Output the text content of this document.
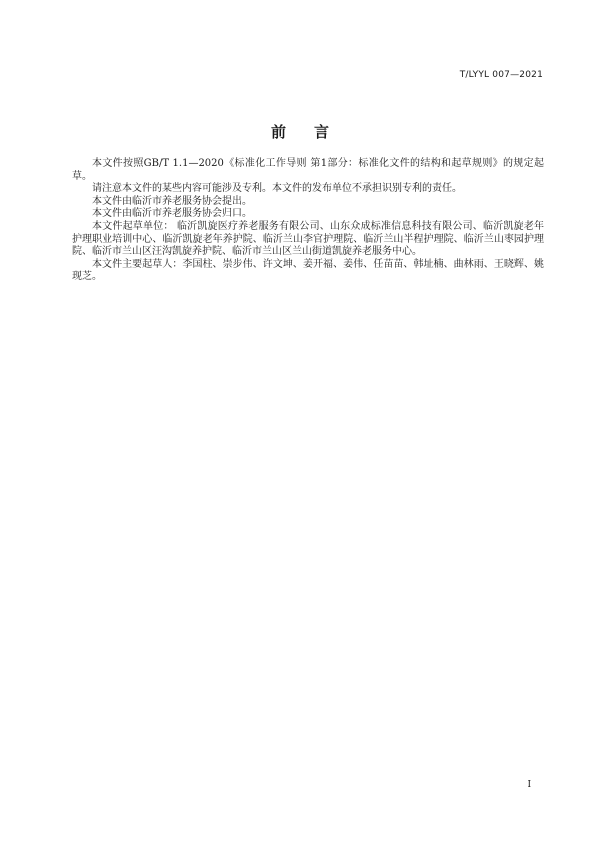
T/LYYL 007—2021
前言

本文件按照GB/T 1.1—2020《标准化工作导则 第1部分：标准化文件的结构和起草规则》的规定起草。

请注意本文件的某些内容可能涉及专利。本文件的发布单位不承担识别专利的责任。

本文件由临沂市养老服务协会提出。

本文件由临沂市养老服务协会归口。

本文件起草单位： 临沂凯旋医疗养老服务有限公司、山东众成标准信息科技有限公司、临沂凯旋老年护理职业培训中心、临沂凯旋老年养护院、临沂兰山李官护理院、临沂兰山半程护理院、临沂兰山枣园护理院、临沂市兰山区汪沟凯旋养护院、临沂市兰山区兰山街道凯旋养老服务中心。

本文件主要起草人：李国柱、崇步伟、许文坤、姜开福、姜伟、任苗苗、韩址楠、曲林雨、王晓辉、姚现芝。

I
